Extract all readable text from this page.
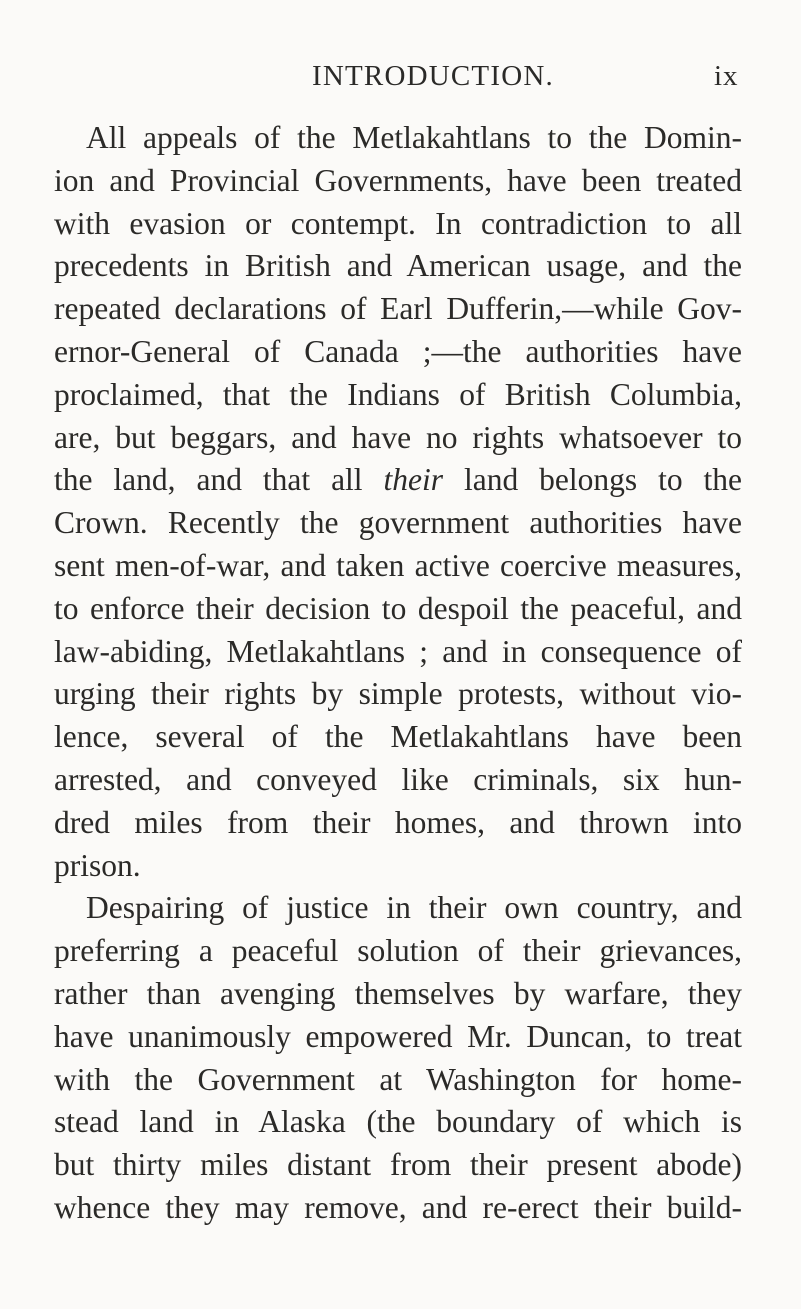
INTRODUCTION.	ix
All appeals of the Metlakahtlans to the Domin-
ion and Provincial Governments, have been treated
with evasion or contempt. In contradiction to all
precedents in British and American usage, and the
repeated declarations of Earl Dufferin,—while Gov-
ernor-General of Canada ;—the authorities have
proclaimed, that the Indians of British Columbia,
are, but beggars, and have no rights whatsoever to
the land, and that all their land belongs to the
Crown. Recently the government authorities have
sent men-of-war, and taken active coercive measures,
to enforce their decision to despoil the peaceful, and
law-abiding, Metlakahtlans ; and in consequence of
urging their rights by simple protests, without vio-
lence, several of the Metlakahtlans have been
arrested, and conveyed like criminals, six hun-
dred miles from their homes, and thrown into
prison.
Despairing of justice in their own country, and
preferring a peaceful solution of their grievances,
rather than avenging themselves by warfare, they
have unanimously empowered Mr. Duncan, to treat
with the Government at Washington for home-
stead land in Alaska (the boundary of which is
but thirty miles distant from their present abode)
whence they may remove, and re-erect their build-
